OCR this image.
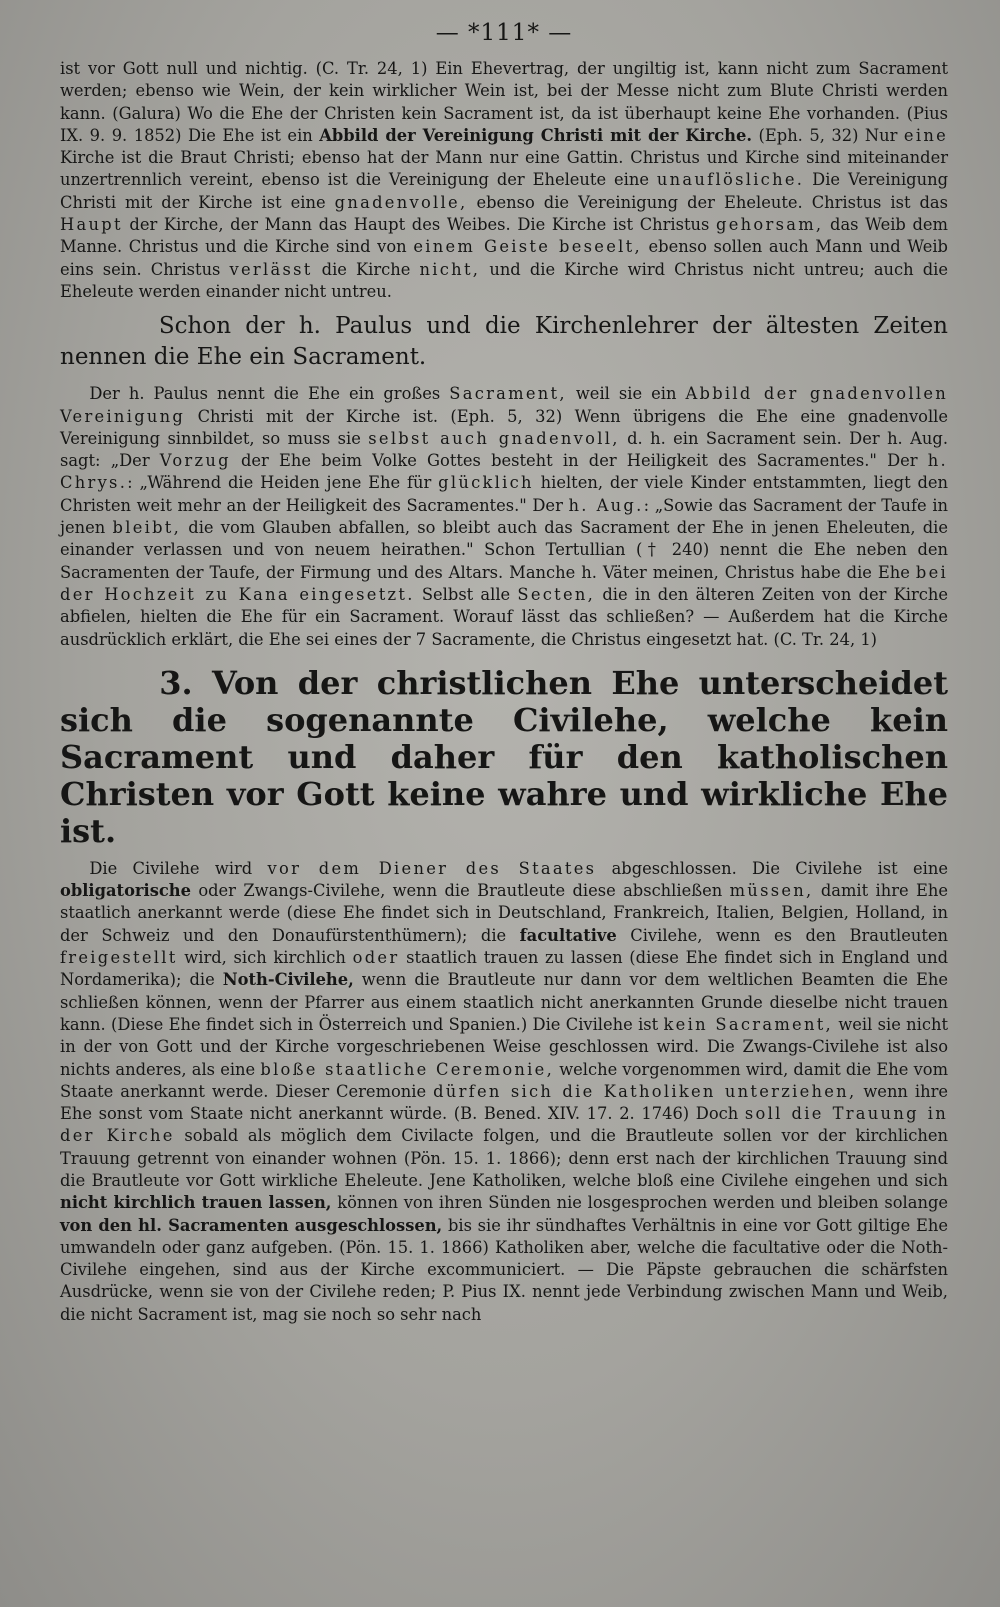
— *111* —

ist vor Gott null und nichtig. (C. Tr. 24, 1) Ein Ehevertrag, der ungiltig ist, kann nicht zum Sacrament werden; ebenso wie Wein, der kein wirklicher Wein ist, bei der Messe nicht zum Blute Christi werden kann. (Galura) Wo die Ehe der Christen kein Sacrament ist, da ist überhaupt keine Ehe vorhanden. (Pius IX. 9. 9. 1852) Die Ehe ist ein Abbild der Vereinigung Christi mit der Kirche. (Eph. 5, 32) Nur eine Kirche ist die Braut Christi; ebenso hat der Mann nur eine Gattin. Christus und Kirche sind miteinander unzertrennlich vereint, ebenso ist die Vereinigung der Eheleute eine unauflösliche. Die Vereinigung Christi mit der Kirche ist eine gnadenvolle, ebenso die Vereinigung der Eheleute. Christus ist das Haupt der Kirche, der Mann das Haupt des Weibes. Die Kirche ist Christus gehorsam, das Weib dem Manne. Christus und die Kirche sind von einem Geiste beseelt, ebenso sollen auch Mann und Weib eins sein. Christus verlässt die Kirche nicht, und die Kirche wird Christus nicht untreu; auch die Eheleute werden einander nicht untreu.

Schon der h. Paulus und die Kirchenlehrer der ältesten Zeiten nennen die Ehe ein Sacrament.

Der h. Paulus nennt die Ehe ein großes Sacrament, weil sie ein Abbild der gnadenvollen Vereinigung Christi mit der Kirche ist. (Eph. 5, 32) Wenn übrigens die Ehe eine gnadenvolle Vereinigung sinnbildet, so muss sie selbst auch gnadenvoll, d. h. ein Sacrament sein. Der h. Aug. sagt: „Der Vorzug der Ehe beim Volke Gottes besteht in der Heiligkeit des Sacramentes." Der h. Chrys.: „Während die Heiden jene Ehe für glücklich hielten, der viele Kinder entstammten, liegt den Christen weit mehr an der Heiligkeit des Sacramentes." Der h. Aug.: „Sowie das Sacrament der Taufe in jenen bleibt, die vom Glauben abfallen, so bleibt auch das Sacrament der Ehe in jenen Eheleuten, die einander verlassen und von neuem heirathen." Schon Tertullian († 240) nennt die Ehe neben den Sacramenten der Taufe, der Firmung und des Altars. Manche h. Väter meinen, Christus habe die Ehe bei der Hochzeit zu Kana eingesetzt. Selbst alle Secten, die in den älteren Zeiten von der Kirche abfielen, hielten die Ehe für ein Sacrament. Worauf lässt das schließen? — Außerdem hat die Kirche ausdrücklich erklärt, die Ehe sei eines der 7 Sacramente, die Christus eingesetzt hat. (C. Tr. 24, 1)

3. Von der christlichen Ehe unterscheidet sich die sogenannte Civilehe, welche kein Sacrament und daher für den katholischen Christen vor Gott keine wahre und wirkliche Ehe ist.

Die Civilehe wird vor dem Diener des Staates abgeschlossen. Die Civilehe ist eine obligatorische oder Zwangs-Civilehe, wenn die Brautleute diese abschließen müssen, damit ihre Ehe staatlich anerkannt werde (diese Ehe findet sich in Deutschland, Frankreich, Italien, Belgien, Holland, in der Schweiz und den Donaufürstenthümern); die facultative Civilehe, wenn es den Brautleuten freigestellt wird, sich kirchlich oder staatlich trauen zu lassen (diese Ehe findet sich in England und Nordamerika); die Noth-Civilehe, wenn die Brautleute nur dann vor dem weltlichen Beamten die Ehe schließen können, wenn der Pfarrer aus einem staatlich nicht anerkannten Grunde dieselbe nicht trauen kann. (Diese Ehe findet sich in Österreich und Spanien.) Die Civilehe ist kein Sacrament, weil sie nicht in der von Gott und der Kirche vorgeschriebenen Weise geschlossen wird. Die Zwangs-Civilehe ist also nichts anderes, als eine bloße staatliche Ceremonie, welche vorgenommen wird, damit die Ehe vom Staate anerkannt werde. Dieser Ceremonie dürfen sich die Katholiken unterziehen, wenn ihre Ehe sonst vom Staate nicht anerkannt würde. (B. Bened. XIV. 17. 2. 1746) Doch soll die Trauung in der Kirche sobald als möglich dem Civilacte folgen, und die Brautleute sollen vor der kirchlichen Trauung getrennt von einander wohnen (Pön. 15. 1. 1866); denn erst nach der kirchlichen Trauung sind die Brautleute vor Gott wirkliche Eheleute. Jene Katholiken, welche bloß eine Civilehe eingehen und sich nicht kirchlich trauen lassen, können von ihren Sünden nie losgesprochen werden und bleiben solange von den hl. Sacramenten ausgeschlossen, bis sie ihr sündhaftes Verhältnis in eine vor Gott giltige Ehe umwandeln oder ganz aufgeben. (Pön. 15. 1. 1866) Katholiken aber, welche die facultative oder die Noth-Civilehe eingehen, sind aus der Kirche excommuniciert. — Die Päpste gebrauchen die schärfsten Ausdrücke, wenn sie von der Civilehe reden; P. Pius IX. nennt jede Verbindung zwischen Mann und Weib, die nicht Sacrament ist, mag sie noch so sehr nach
